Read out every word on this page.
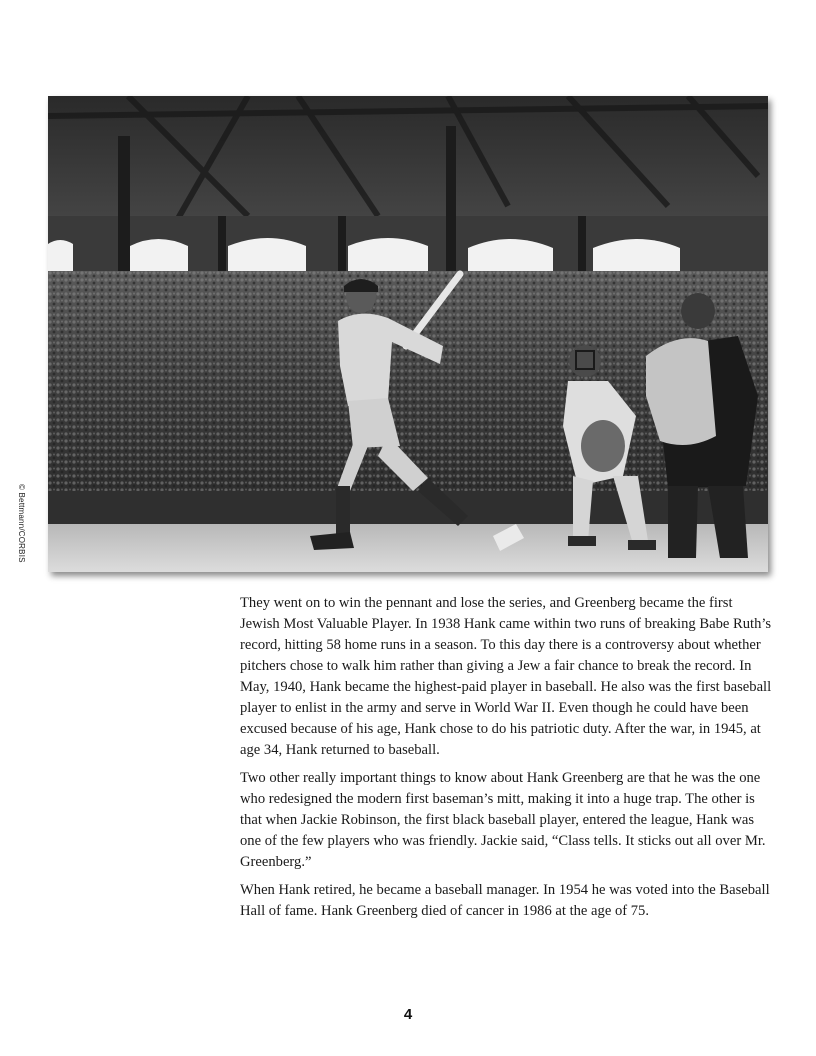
© Bettmann/CORBIS

They went on to win the pennant and lose the series, and Greenberg became the first Jewish Most Valuable Player. In 1938 Hank came within two runs of breaking Babe Ruth’s record, hitting 58 home runs in a season. To this day there is a controversy about whether pitchers chose to walk him rather than giving a Jew a fair chance to break the record. In May, 1940, Hank became the highest-paid player in baseball. He also was the first baseball player to enlist in the army and serve in World War II. Even though he could have been excused because of his age, Hank chose to do his patriotic duty. After the war, in 1945, at age 34, Hank returned to baseball.

Two other really important things to know about Hank Greenberg are that he was the one who redesigned the modern first baseman’s mitt, making it into a huge trap. The other is that when Jackie Robinson, the first black baseball player, entered the league, Hank was one of the few players who was friendly. Jackie said, “Class tells. It sticks out all over Mr. Greenberg.”

When Hank retired, he became a baseball manager. In 1954 he was voted into the Baseball Hall of fame. Hank Greenberg died of cancer in 1986 at the age of 75.

4
